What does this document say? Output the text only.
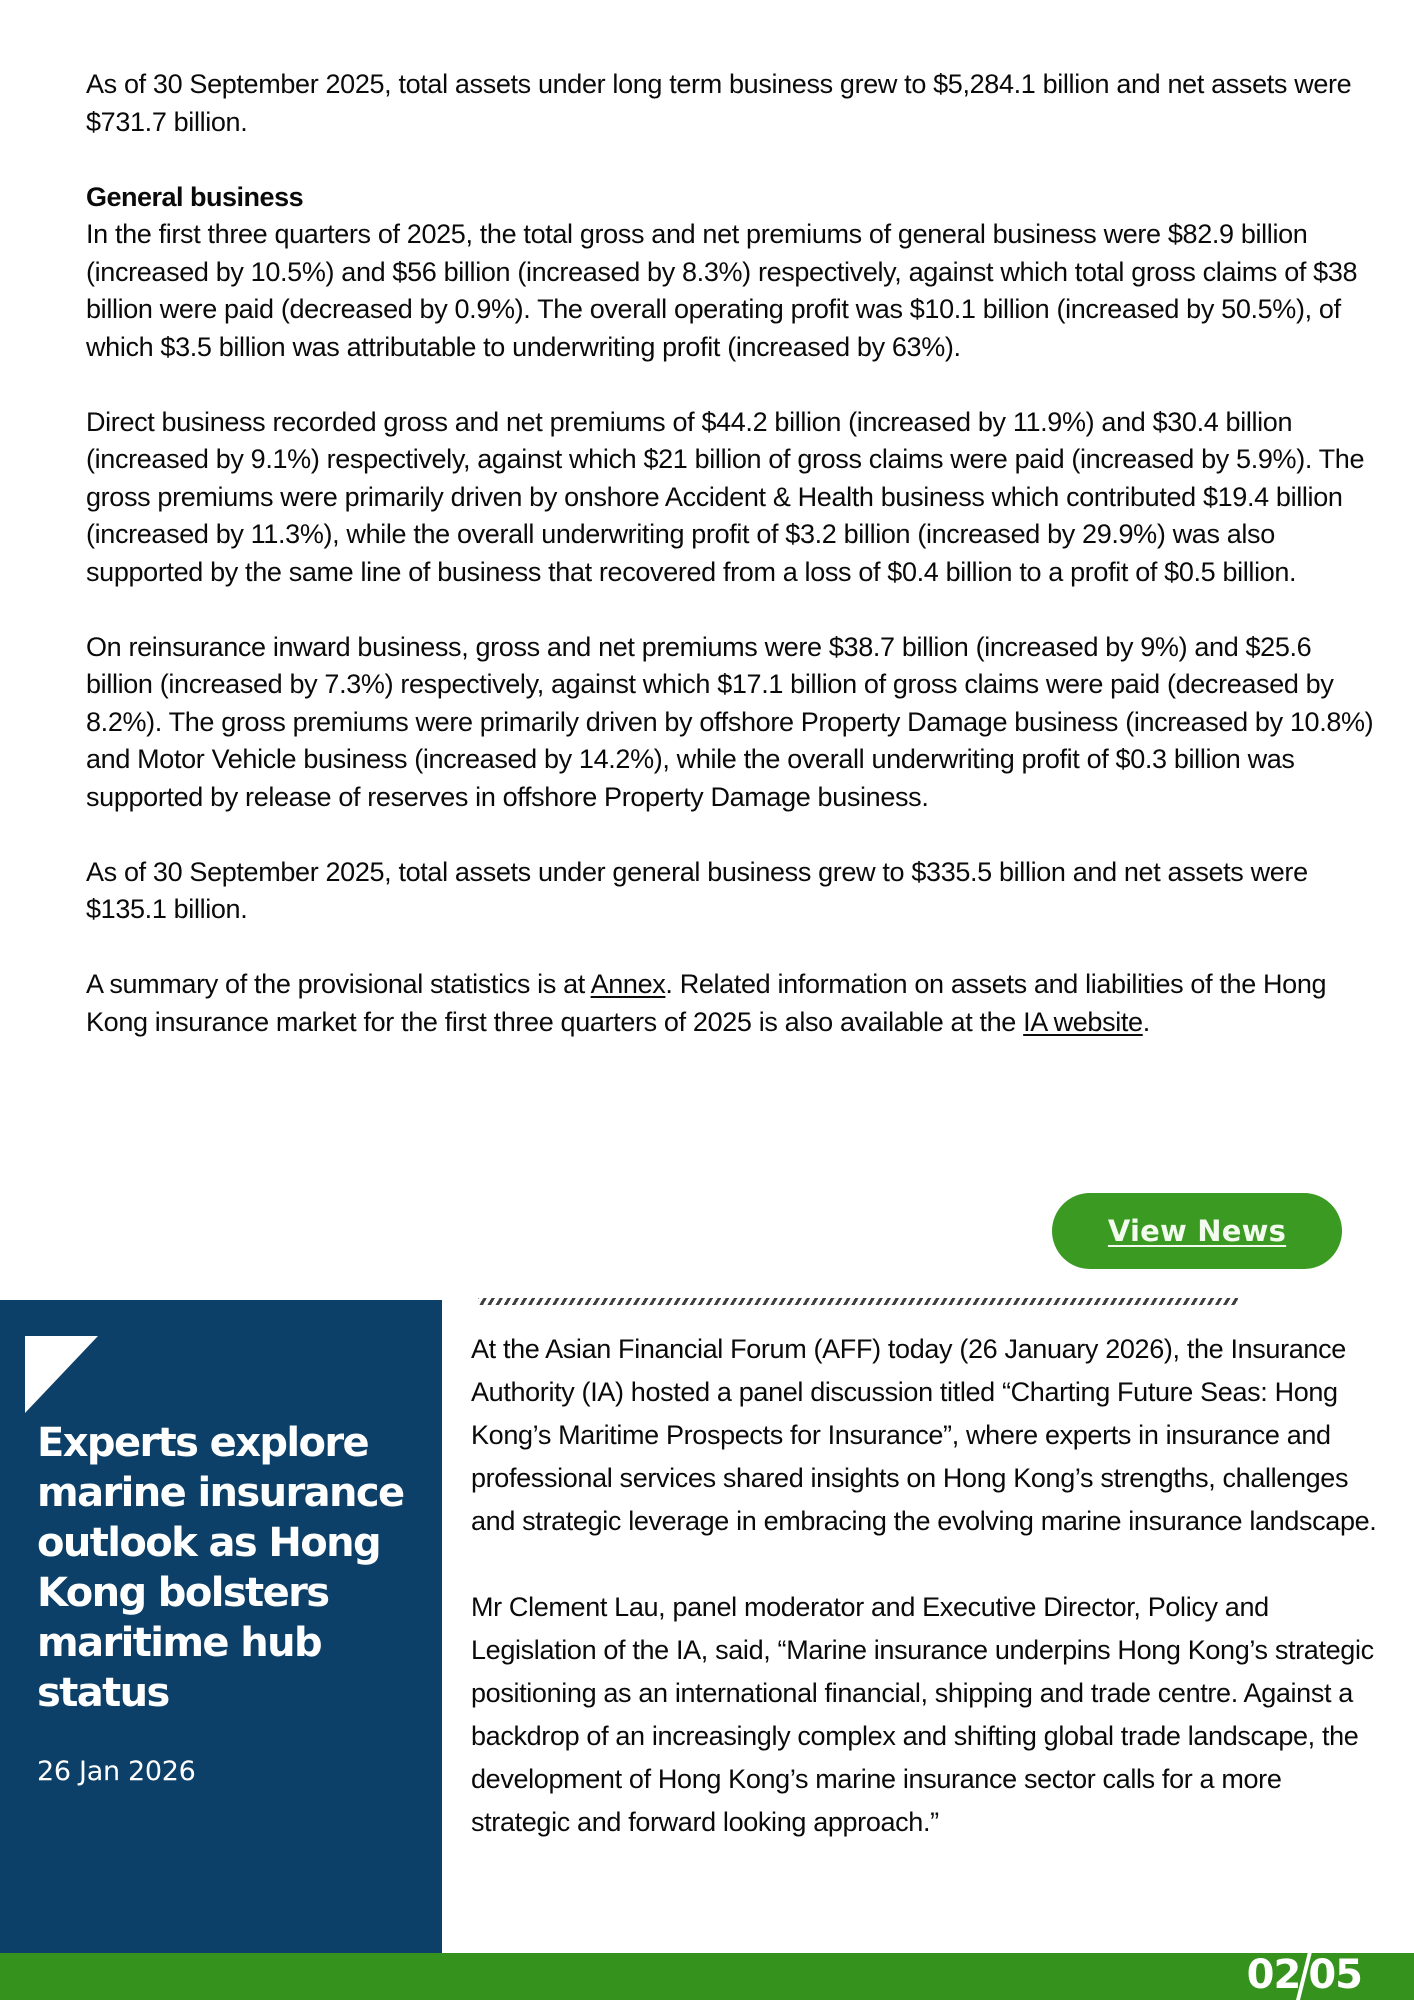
As of 30 September 2025, total assets under long term business grew to $5,284.1 billion and net assets were $731.7 billion.

General business

In the first three quarters of 2025, the total gross and net premiums of general business were $82.9 billion (increased by 10.5%) and $56 billion (increased by 8.3%) respectively, against which total gross claims of $38 billion were paid (decreased by 0.9%). The overall operating profit was $10.1 billion (increased by 50.5%), of which $3.5 billion was attributable to underwriting profit (increased by 63%).

Direct business recorded gross and net premiums of $44.2 billion (increased by 11.9%) and $30.4 billion (increased by 9.1%) respectively, against which $21 billion of gross claims were paid (increased by 5.9%). The gross premiums were primarily driven by onshore Accident & Health business which contributed $19.4 billion (increased by 11.3%), while the overall underwriting profit of $3.2 billion (increased by 29.9%) was also supported by the same line of business that recovered from a loss of $0.4 billion to a profit of $0.5 billion.

On reinsurance inward business, gross and net premiums were $38.7 billion (increased by 9%) and $25.6 billion (increased by 7.3%) respectively, against which $17.1 billion of gross claims were paid (decreased by 8.2%). The gross premiums were primarily driven by offshore Property Damage business (increased by 10.8%) and Motor Vehicle business (increased by 14.2%), while the overall underwriting profit of $0.3 billion was supported by release of reserves in offshore Property Damage business.

As of 30 September 2025, total assets under general business grew to $335.5 billion and net assets were $135.1 billion.

A summary of the provisional statistics is at Annex. Related information on assets and liabilities of the Hong Kong insurance market for the first three quarters of 2025 is also available at the IA website.

View News
Experts explore marine insurance outlook as Hong Kong bolsters maritime hub status
26 Jan 2026

At the Asian Financial Forum (AFF) today (26 January 2026), the Insurance Authority (IA) hosted a panel discussion titled “Charting Future Seas: Hong Kong’s Maritime Prospects for Insurance”, where experts in insurance and professional services shared insights on Hong Kong’s strengths, challenges and strategic leverage in embracing the evolving marine insurance landscape.

Mr Clement Lau, panel moderator and Executive Director, Policy and Legislation of the IA, said, “Marine insurance underpins Hong Kong’s strategic positioning as an international financial, shipping and trade centre. Against a backdrop of an increasingly complex and shifting global trade landscape, the development of Hong Kong’s marine insurance sector calls for a more strategic and forward looking approach.”

02 05
